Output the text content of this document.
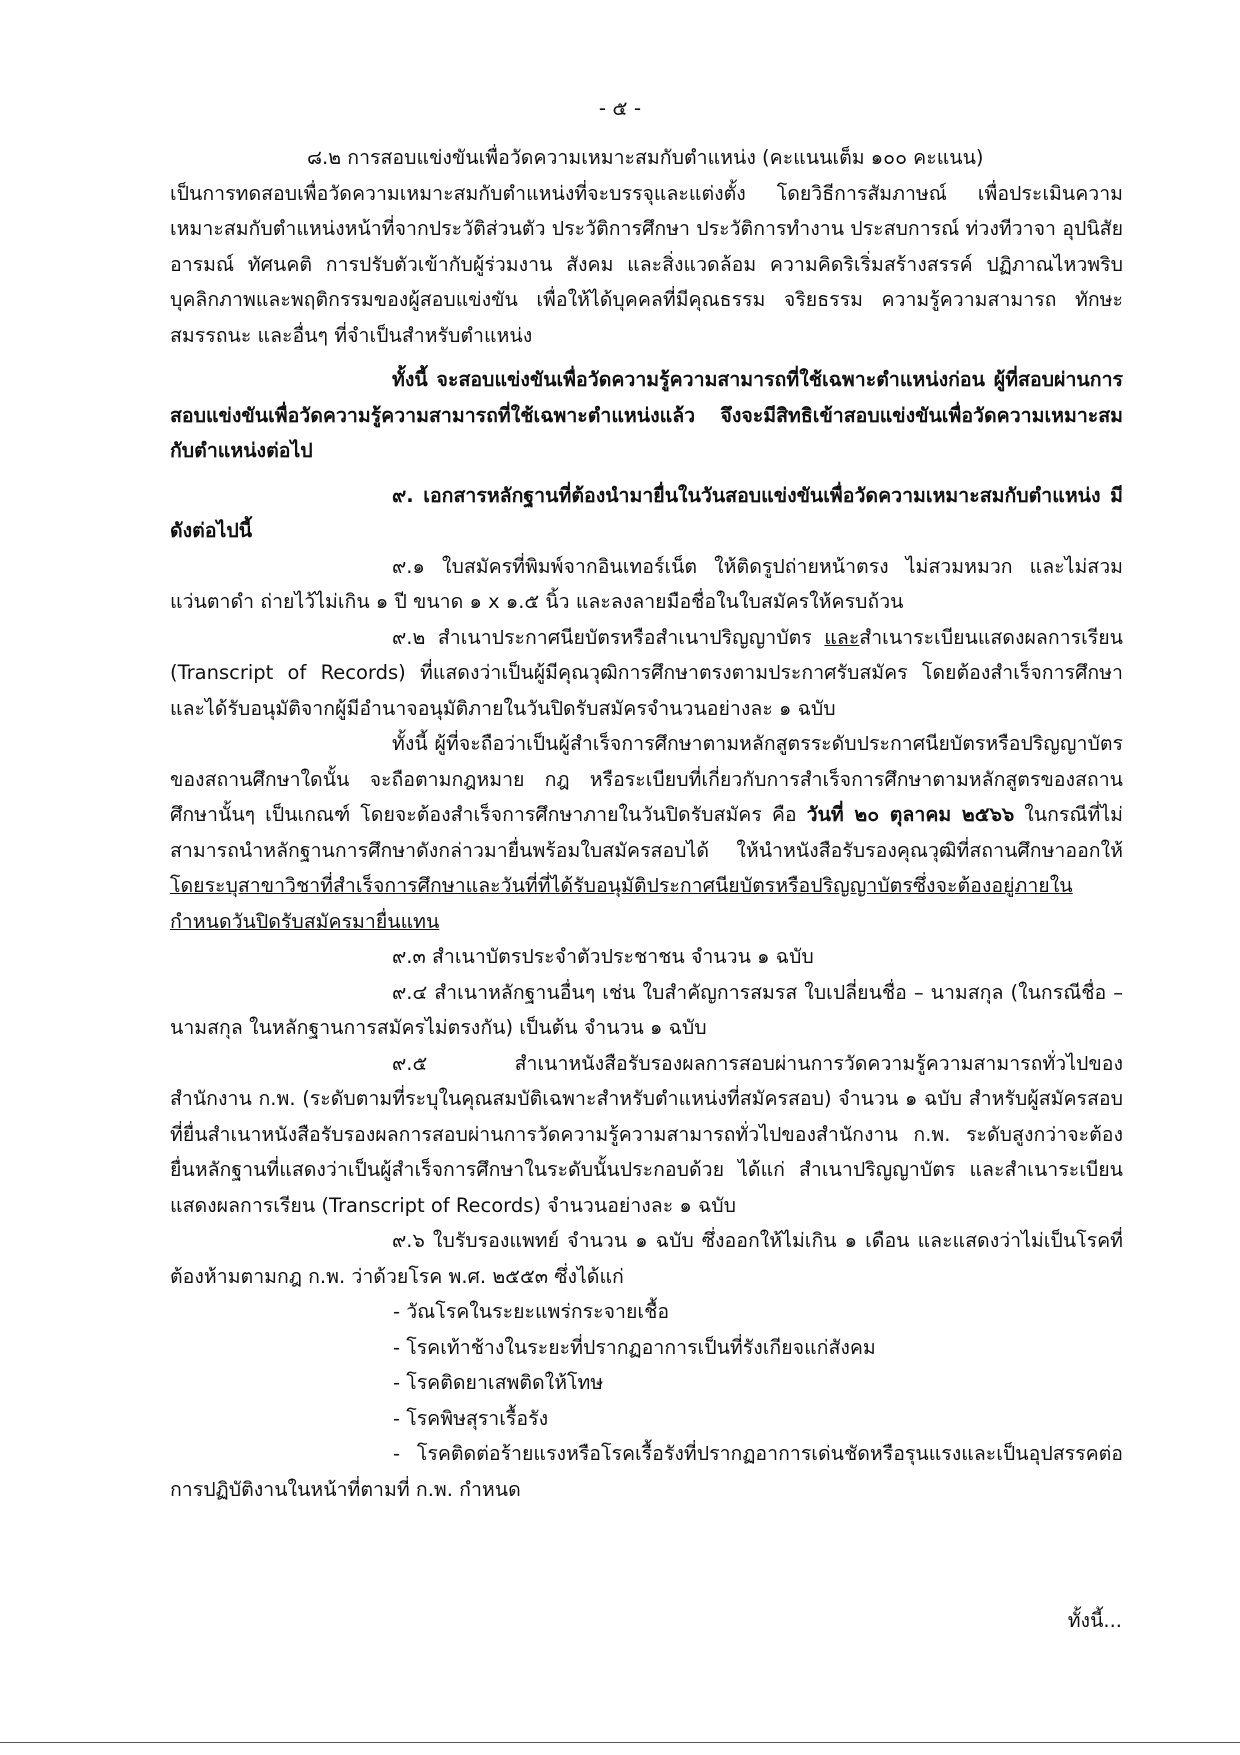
- ๕ -

๘.๒ การสอบแข่งขันเพื่อวัดความเหมาะสมกับตำแหน่ง (คะแนนเต็ม ๑๐๐ คะแนน)

เป็นการทดสอบเพื่อวัดความเหมาะสมกับตำแหน่งที่จะบรรจุและแต่งตั้ง โดยวิธีการสัมภาษณ์ เพื่อประเมินความเหมาะสมกับตำแหน่งหน้าที่จากประวัติส่วนตัว ประวัติการศึกษา ประวัติการทำงาน ประสบการณ์ ท่วงทีวาจา อุปนิสัย อารมณ์ ทัศนคติ การปรับตัวเข้ากับผู้ร่วมงาน สังคม และสิ่งแวดล้อม ความคิดริเริ่มสร้างสรรค์ ปฏิภาณไหวพริบ บุคลิกภาพและพฤติกรรมของผู้สอบแข่งขัน เพื่อให้ได้บุคคลที่มีคุณธรรม จริยธรรม ความรู้ความสามารถ ทักษะ สมรรถนะ และอื่นๆ ที่จำเป็นสำหรับตำแหน่ง

ทั้งนี้ จะสอบแข่งขันเพื่อวัดความรู้ความสามารถที่ใช้เฉพาะตำแหน่งก่อน ผู้ที่สอบผ่านการสอบแข่งขันเพื่อวัดความรู้ความสามารถที่ใช้เฉพาะตำแหน่งแล้ว จึงจะมีสิทธิเข้าสอบแข่งขันเพื่อวัดความเหมาะสมกับตำแหน่งต่อไป

๙. เอกสารหลักฐานที่ต้องนำมายื่นในวันสอบแข่งขันเพื่อวัดความเหมาะสมกับตำแหน่ง มีดังต่อไปนี้

๙.๑ ใบสมัครที่พิมพ์จากอินเทอร์เน็ต ให้ติดรูปถ่ายหน้าตรง ไม่สวมหมวก และไม่สวมแว่นตาดำ ถ่ายไว้ไม่เกิน ๑ ปี ขนาด ๑ x ๑.๕ นิ้ว และลงลายมือชื่อในใบสมัครให้ครบถ้วน

๙.๒ สำเนาประกาศนียบัตรหรือสำเนาปริญญาบัตร และสำเนาระเบียนแสดงผลการเรียน (Transcript of Records) ที่แสดงว่าเป็นผู้มีคุณวุฒิการศึกษาตรงตามประกาศรับสมัคร โดยต้องสำเร็จการศึกษา และได้รับอนุมัติจากผู้มีอำนาจอนุมัติภายในวันปิดรับสมัครจำนวนอย่างละ ๑ ฉบับ

ทั้งนี้ ผู้ที่จะถือว่าเป็นผู้สำเร็จการศึกษาตามหลักสูตรระดับประกาศนียบัตรหรือปริญญาบัตรของสถานศึกษาใดนั้น จะถือตามกฎหมาย กฎ หรือระเบียบที่เกี่ยวกับการสำเร็จการศึกษาตามหลักสูตรของสถานศึกษานั้นๆ เป็นเกณฑ์ โดยจะต้องสำเร็จการศึกษาภายในวันปิดรับสมัคร คือ วันที่ ๒๐ ตุลาคม ๒๕๖๖ ในกรณีที่ไม่สามารถนำหลักฐานการศึกษาดังกล่าวมายื่นพร้อมใบสมัครสอบได้ ให้นำหนังสือรับรองคุณวุฒิที่สถานศึกษาออกให้ โดยระบุสาขาวิชาที่สำเร็จการศึกษาและวันที่ที่ได้รับอนุมัติประกาศนียบัตรหรือปริญญาบัตรซึ่งจะต้องอยู่ภายในกำหนดวันปิดรับสมัครมายื่นแทน

๙.๓ สำเนาบัตรประจำตัวประชาชน จำนวน ๑ ฉบับ

๙.๔ สำเนาหลักฐานอื่นๆ เช่น ใบสำคัญการสมรส ใบเปลี่ยนชื่อ – นามสกุล (ในกรณีชื่อ – นามสกุล ในหลักฐานการสมัครไม่ตรงกัน) เป็นต้น จำนวน ๑ ฉบับ

๙.๕ สำเนาหนังสือรับรองผลการสอบผ่านการวัดความรู้ความสามารถทั่วไปของสำนักงาน ก.พ. (ระดับตามที่ระบุในคุณสมบัติเฉพาะสำหรับตำแหน่งที่สมัครสอบ) จำนวน ๑ ฉบับ สำหรับผู้สมัครสอบที่ยื่นสำเนาหนังสือรับรองผลการสอบผ่านการวัดความรู้ความสามารถทั่วไปของสำนักงาน ก.พ. ระดับสูงกว่าจะต้องยื่นหลักฐานที่แสดงว่าเป็นผู้สำเร็จการศึกษาในระดับนั้นประกอบด้วย ได้แก่ สำเนาปริญญาบัตร และสำเนาระเบียนแสดงผลการเรียน (Transcript of Records) จำนวนอย่างละ ๑ ฉบับ

๙.๖ ใบรับรองแพทย์ จำนวน ๑ ฉบับ ซึ่งออกให้ไม่เกิน ๑ เดือน และแสดงว่าไม่เป็นโรคที่ต้องห้ามตามกฎ ก.พ. ว่าด้วยโรค พ.ศ. ๒๕๕๓ ซึ่งได้แก่

- วัณโรคในระยะแพร่กระจายเชื้อ

- โรคเท้าช้างในระยะที่ปรากฏอาการเป็นที่รังเกียจแก่สังคม

- โรคติดยาเสพติดให้โทษ

- โรคพิษสุราเรื้อรัง

- โรคติดต่อร้ายแรงหรือโรคเรื้อรังที่ปรากฏอาการเด่นชัดหรือรุนแรงและเป็นอุปสรรคต่อการปฏิบัติงานในหน้าที่ตามที่ ก.พ. กำหนด

ทั้งนี้...
